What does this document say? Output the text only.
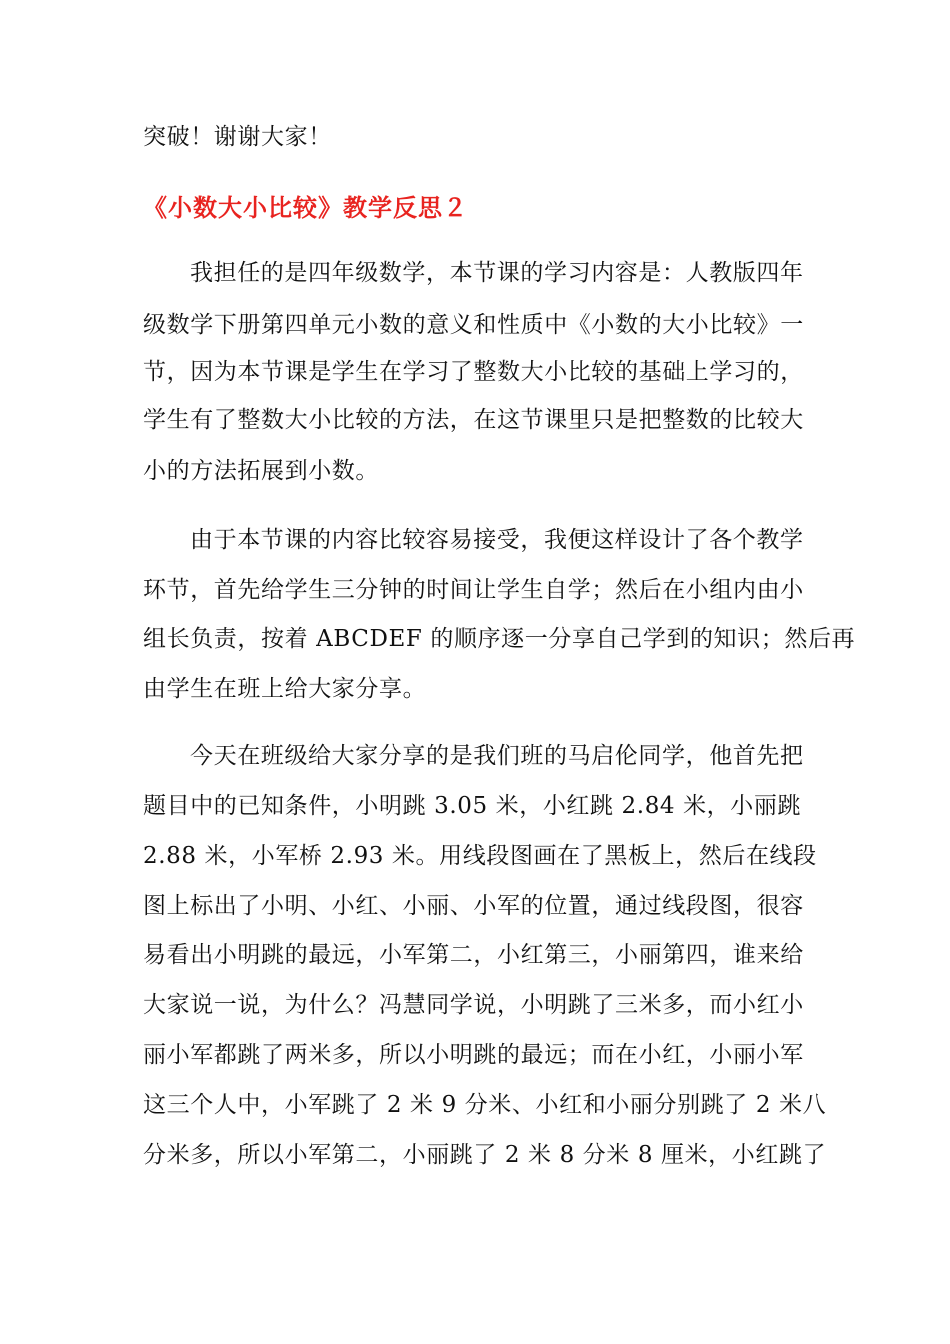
突破！谢谢大家！

《小数大小比较》教学反思２

我担任的是四年级数学，本节课的学习内容是：人教版四年

级数学下册第四单元小数的意义和性质中《小数的大小比较》一

节，因为本节课是学生在学习了整数大小比较的基础上学习的，

学生有了整数大小比较的方法，在这节课里只是把整数的比较大

小的方法拓展到小数。

由于本节课的内容比较容易接受，我便这样设计了各个教学

环节，首先给学生三分钟的时间让学生自学；然后在小组内由小

组长负责，按着 ABCDEF 的顺序逐一分享自己学到的知识；然后再

由学生在班上给大家分享。

今天在班级给大家分享的是我们班的马启伦同学，他首先把

题目中的已知条件，小明跳 3.05 米，小红跳 2.84 米，小丽跳

2.88 米，小军桥 2.93 米。用线段图画在了黑板上，然后在线段

图上标出了小明、小红、小丽、小军的位置，通过线段图，很容

易看出小明跳的最远，小军第二，小红第三，小丽第四，谁来给

大家说一说，为什么？冯慧同学说，小明跳了三米多，而小红小

丽小军都跳了两米多，所以小明跳的最远；而在小红，小丽小军

这三个人中，小军跳了 2 米 9 分米、小红和小丽分别跳了 2 米八

分米多，所以小军第二，小丽跳了 2 米 8 分米 8 厘米，小红跳了
